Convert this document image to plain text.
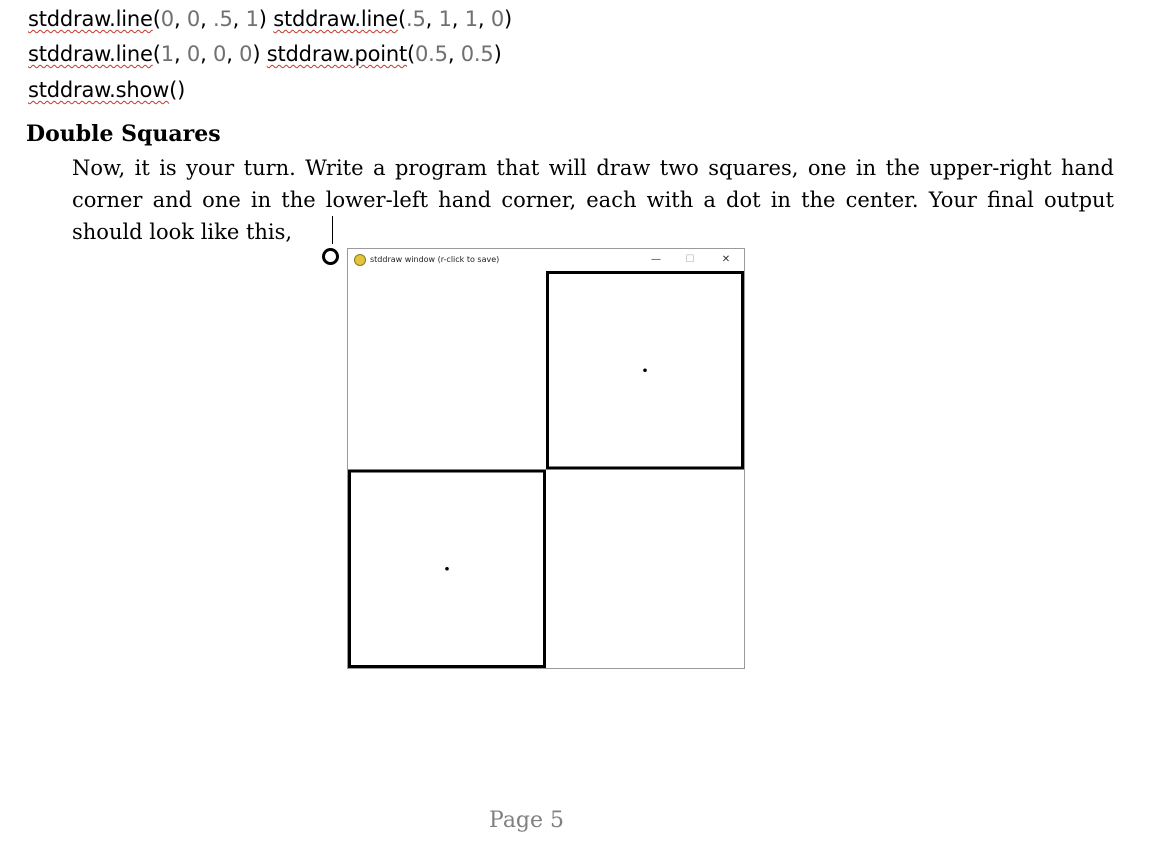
stddraw.line(0, 0, .5, 1) stddraw.line(.5, 1, 1, 0)
stddraw.line(1, 0, 0, 0) stddraw.point(0.5, 0.5)
stddraw.show()
Double Squares
Now, it is your turn. Write a program that will draw two squares, one in the upper-right hand corner and one in the lower-left hand corner, each with a dot in the center. Your final output should look like this,
stddraw window (r-click to save)	— ☐	✕
Page 5
